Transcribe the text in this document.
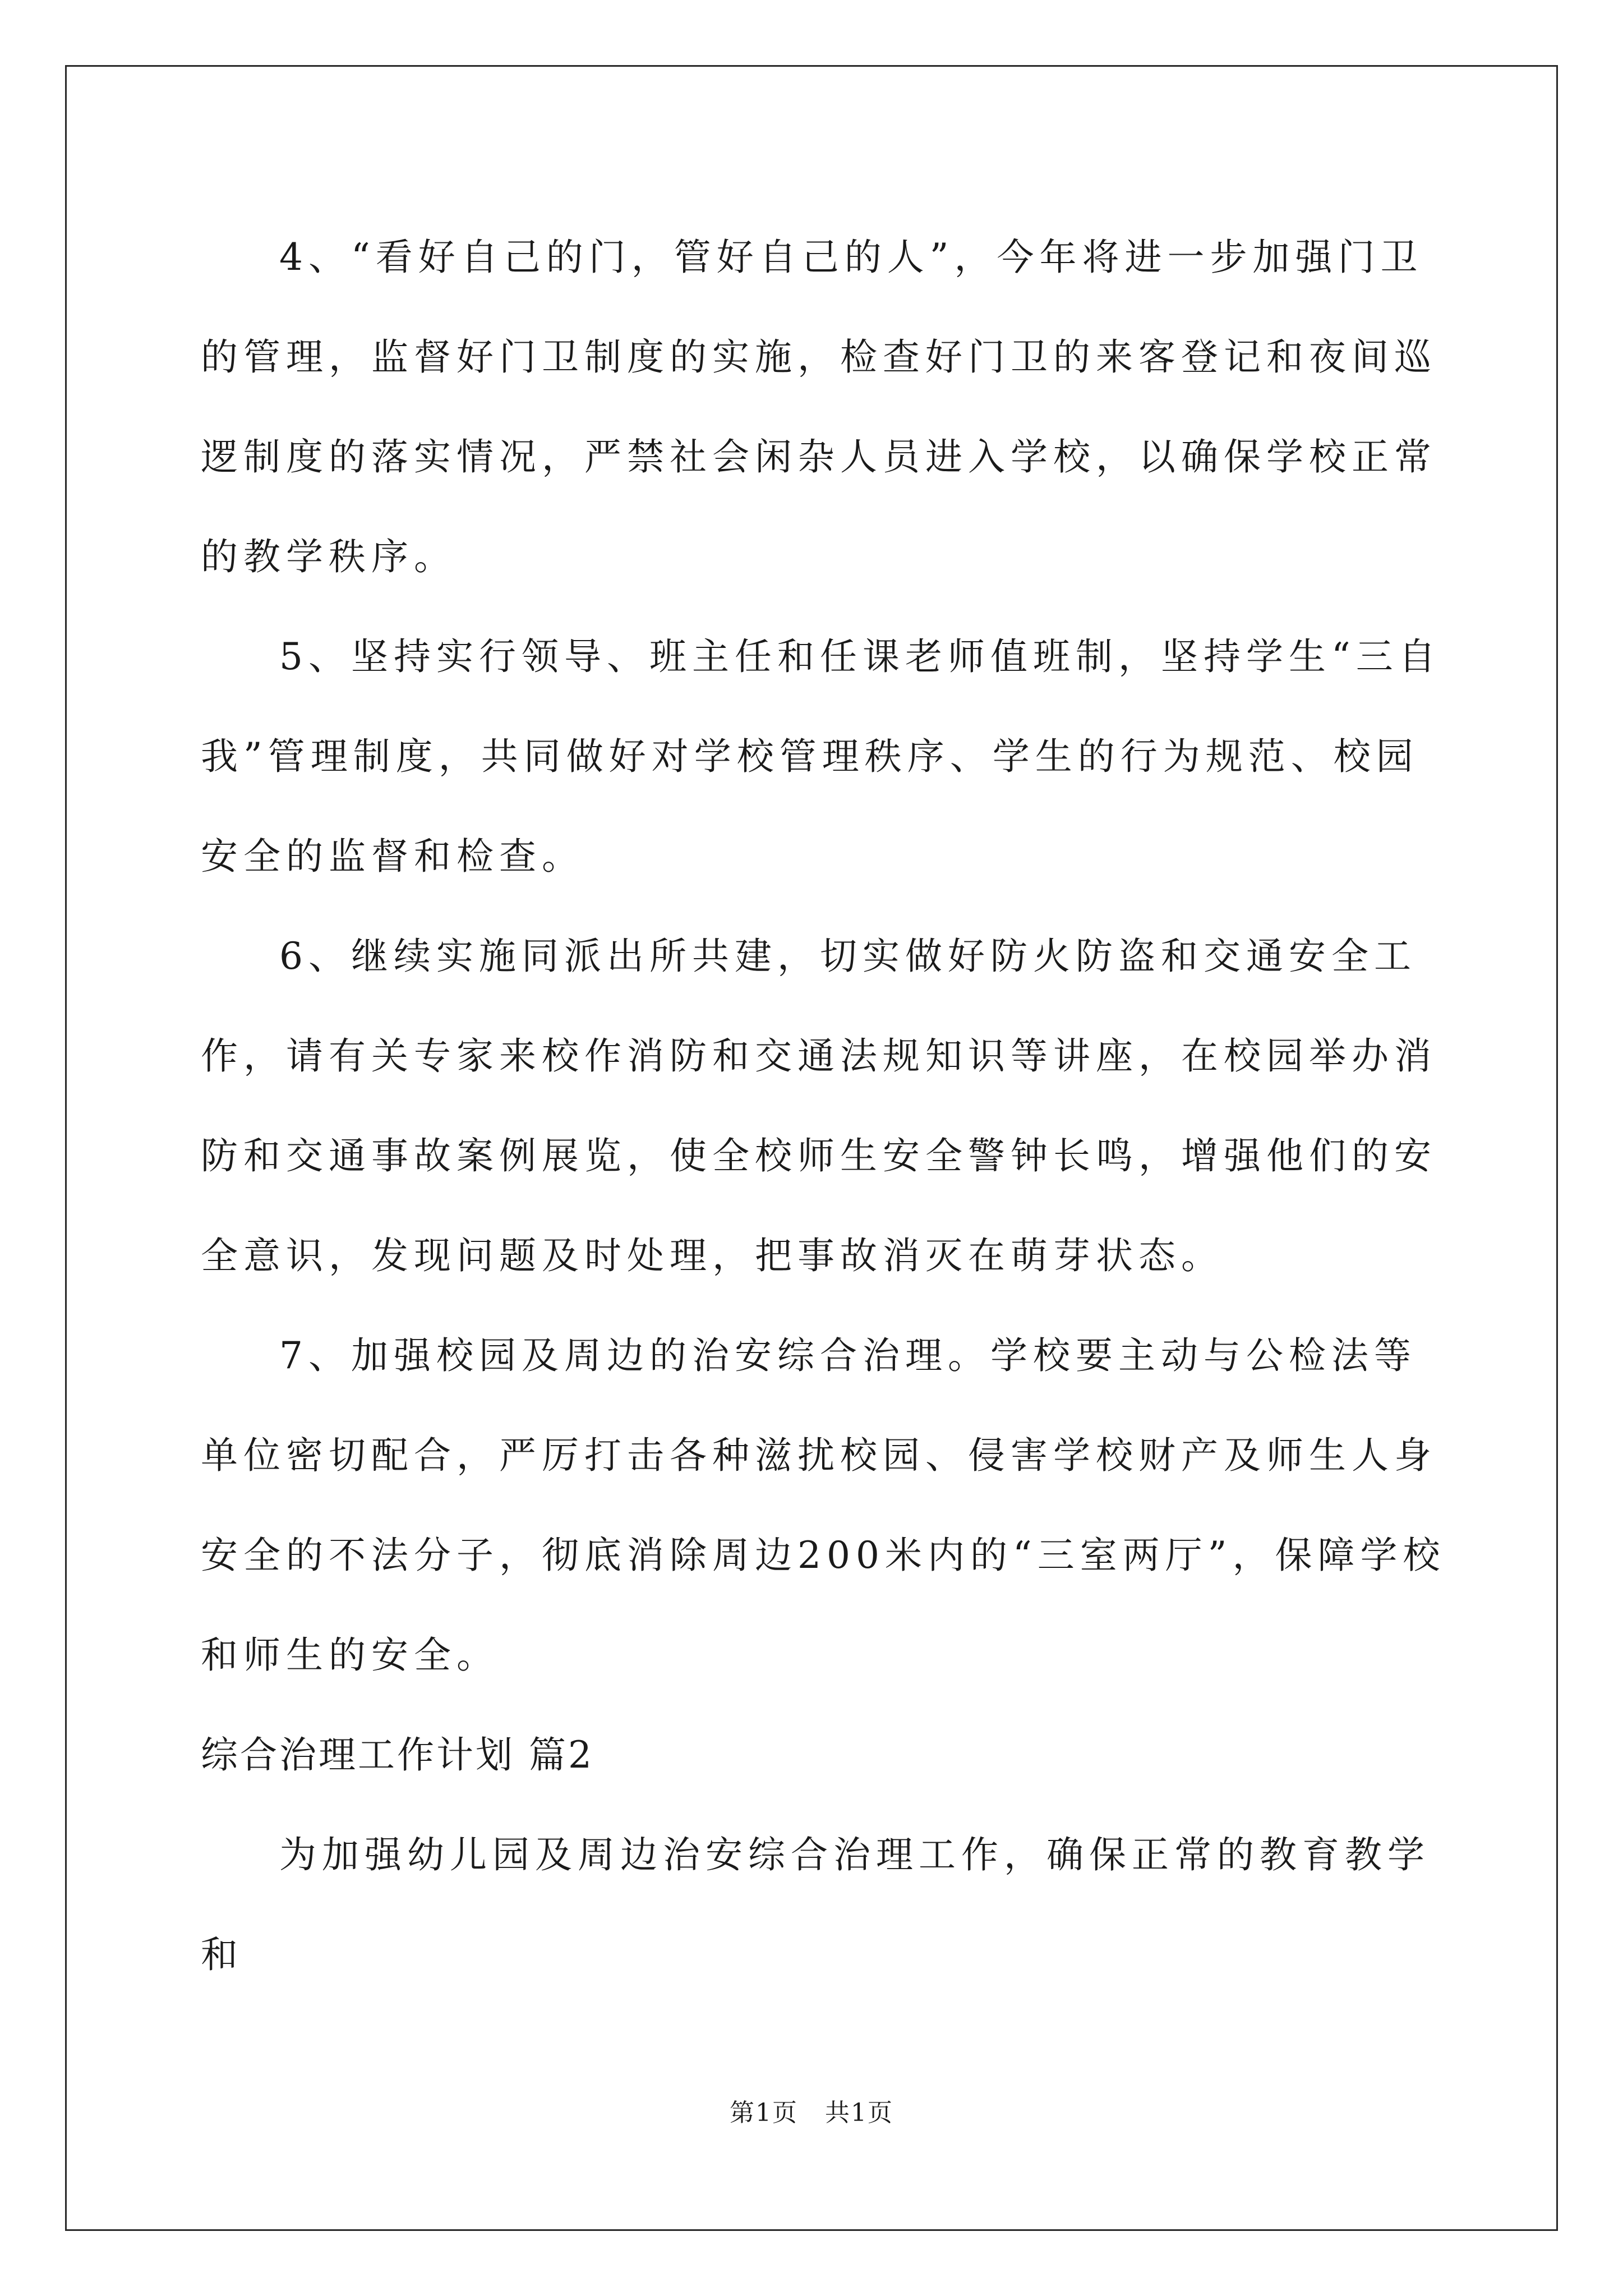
4、“看好自己的门，管好自己的人”，今年将进一步加强门卫的管理，监督好门卫制度的实施，检查好门卫的来客登记和夜间巡逻制度的落实情况，严禁社会闲杂人员进入学校，以确保学校正常的教学秩序。

5、坚持实行领导、班主任和任课老师值班制，坚持学生“三自我”管理制度，共同做好对学校管理秩序、学生的行为规范、校园安全的监督和检查。

6、继续实施同派出所共建，切实做好防火防盗和交通安全工作，请有关专家来校作消防和交通法规知识等讲座，在校园举办消防和交通事故案例展览，使全校师生安全警钟长鸣，增强他们的安全意识，发现问题及时处理，把事故消灭在萌芽状态。

7、加强校园及周边的治安综合治理。学校要主动与公检法等单位密切配合，严厉打击各种滋扰校园、侵害学校财产及师生人身安全的不法分子，彻底消除周边200米内的“三室两厅”，保障学校和师生的安全。

综合治理工作计划 篇2

为加强幼儿园及周边治安综合治理工作，确保正常的教育教学和

第1页 共1页
